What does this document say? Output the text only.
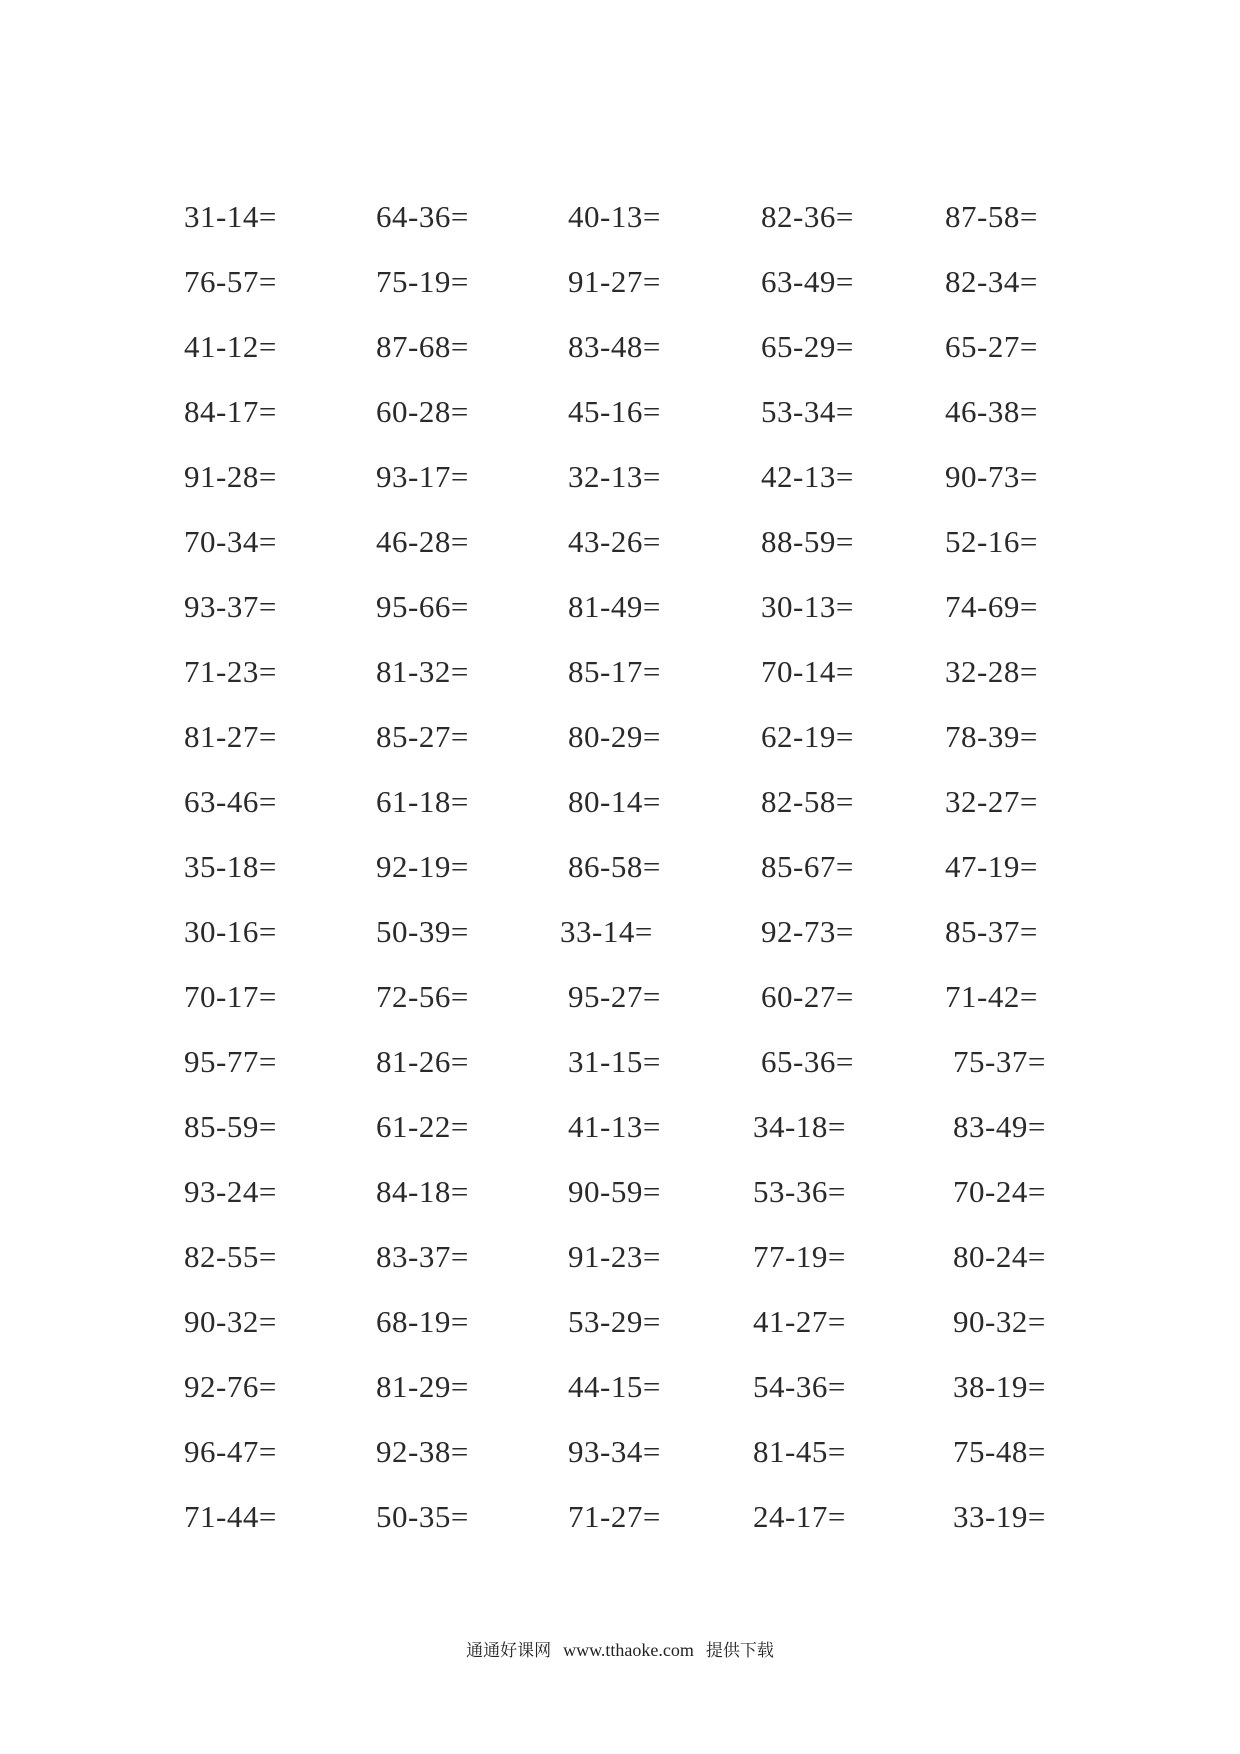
31-14=	64-36=	40-13=	82-36=	87-58=
76-57=	75-19=	91-27=	63-49=	82-34=
41-12=	87-68=	83-48=	65-29=	65-27=
84-17=	60-28=	45-16=	53-34=	46-38=
91-28=	93-17=	32-13=	42-13=	90-73=
70-34=	46-28=	43-26=	88-59=	52-16=
93-37=	95-66=	81-49=	30-13=	74-69=
71-23=	81-32=	85-17=	70-14=	32-28=
81-27=	85-27=	80-29=	62-19=	78-39=
63-46=	61-18=	80-14=	82-58=	32-27=
35-18=	92-19=	86-58=	85-67=	47-19=
30-16=	50-39=	33-14=	92-73=	85-37=
70-17=	72-56=	95-27=	60-27=	71-42=
95-77=	81-26=	31-15=	65-36=	75-37=
85-59=	61-22=	41-13=	34-18=	83-49=
93-24=	84-18=	90-59=	53-36=	70-24=
82-55=	83-37=	91-23=	77-19=	80-24=
90-32=	68-19=	53-29=	41-27=	90-32=
92-76=	81-29=	44-15=	54-36=	38-19=
96-47=	92-38=	93-34=	81-45=	75-48=
71-44=	50-35=	71-27=	24-17=	33-19=
通通好课网 www.tthaoke.com 提供下载
